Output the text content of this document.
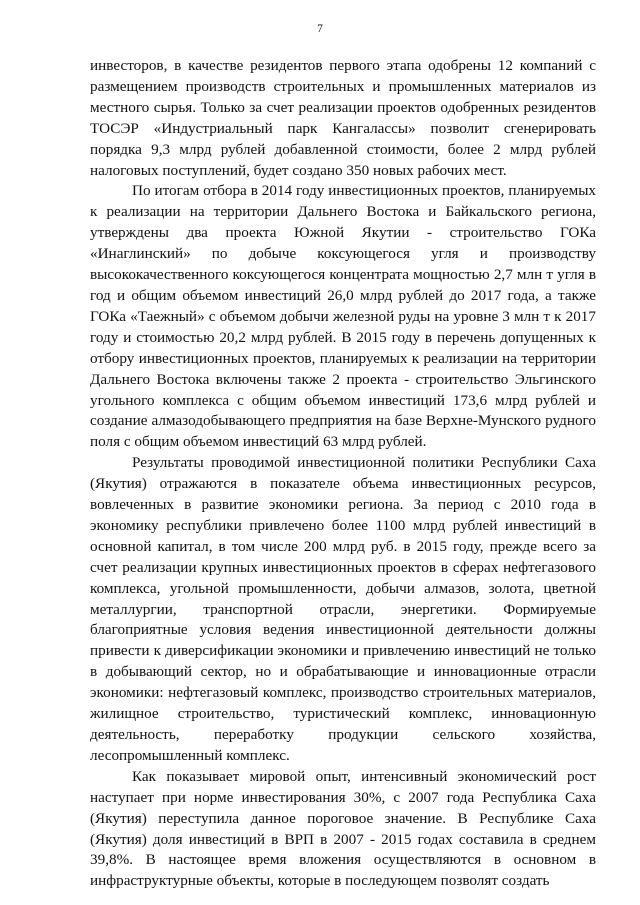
7

инвесторов, в качестве резидентов первого этапа одобрены 12 компаний с размещением производств строительных и промышленных материалов из местного сырья. Только за счет реализации проектов одобренных резидентов ТОСЭР «Индустриальный парк Кангалассы» позволит сгенерировать порядка 9,3 млрд рублей добавленной стоимости, более 2 млрд рублей налоговых поступлений, будет создано 350 новых рабочих мест.

По итогам отбора в 2014 году инвестиционных проектов, планируемых к реализации на территории Дальнего Востока и Байкальского региона, утверждены два проекта Южной Якутии - строительство ГОКа «Инаглинский» по добыче коксующегося угля и производству высококачественного коксующегося концентрата мощностью 2,7 млн т угля в год и общим объемом инвестиций 26,0 млрд рублей до 2017 года, а также ГОКа «Таежный» с объемом добычи железной руды на уровне 3 млн т к 2017 году и стоимостью 20,2 млрд рублей. В 2015 году в перечень допущенных к отбору инвестиционных проектов, планируемых к реализации на территории Дальнего Востока включены также 2 проекта - строительство Эльгинского угольного комплекса с общим объемом инвестиций 173,6 млрд рублей и создание алмазодобывающего предприятия на базе Верхне-Мунского рудного поля с общим объемом инвестиций 63 млрд рублей.

Результаты проводимой инвестиционной политики Республики Саха (Якутия) отражаются в показателе объема инвестиционных ресурсов, вовлеченных в развитие экономики региона. За период с 2010 года в экономику республики привлечено более 1100 млрд рублей инвестиций в основной капитал, в том числе 200 млрд руб. в 2015 году, прежде всего за счет реализации крупных инвестиционных проектов в сферах нефтегазового комплекса, угольной промышленности, добычи алмазов, золота, цветной металлургии, транспортной отрасли, энергетики. Формируемые благоприятные условия ведения инвестиционной деятельности должны привести к диверсификации экономики и привлечению инвестиций не только в добывающий сектор, но и обрабатывающие и инновационные отрасли экономики: нефтегазовый комплекс, производство строительных материалов, жилищное строительство, туристический комплекс, инновационную деятельность, переработку продукции сельского хозяйства, лесопромышленный комплекс.

Как показывает мировой опыт, интенсивный экономический рост наступает при норме инвестирования 30%, с 2007 года Республика Саха (Якутия) переступила данное пороговое значение. В Республике Саха (Якутия) доля инвестиций в ВРП в 2007 - 2015 годах составила в среднем 39,8%. В настоящее время вложения осуществляются в основном в инфраструктурные объекты, которые в последующем позволят создать
